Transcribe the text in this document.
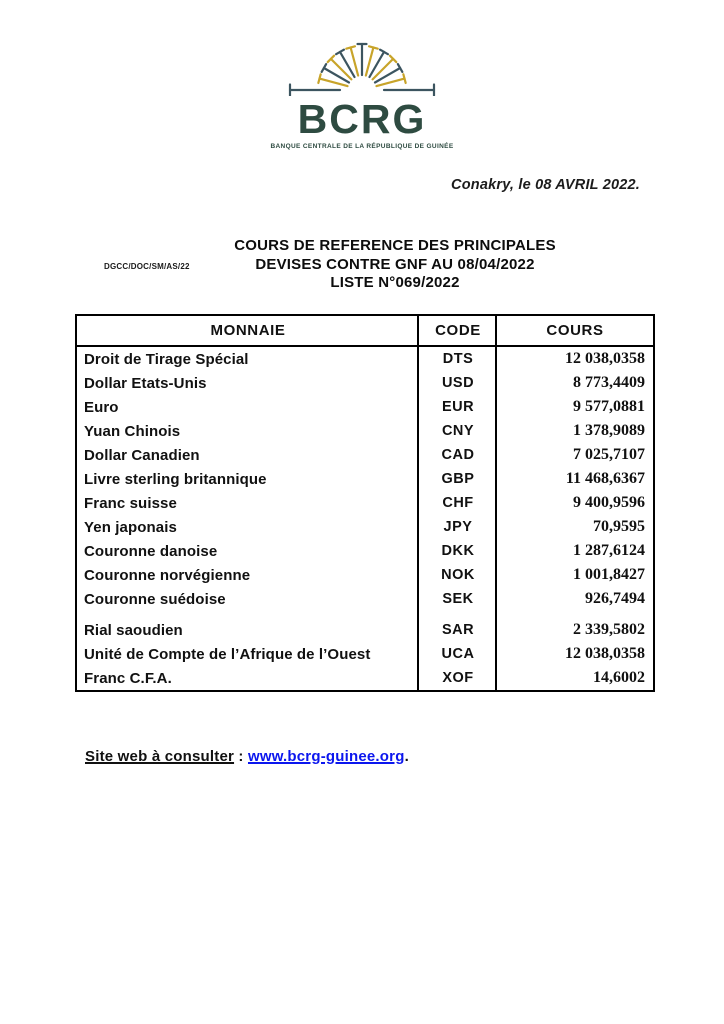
BCRG
BANQUE CENTRALE DE LA RÉPUBLIQUE DE GUINÉE
Conakry, le 08 AVRIL 2022.
DGCC/DOC/SM/AS/22
COURS DE REFERENCE DES PRINCIPALES
DEVISES CONTRE GNF AU 08/04/2022
LISTE N°069/2022
MONNAIE	CODE	COURS
Droit de Tirage Spécial	DTS	12 038,0358
Dollar Etats-Unis	USD	8 773,4409
Euro	EUR	9 577,0881
Yuan Chinois	CNY	1 378,9089
Dollar Canadien	CAD	7 025,7107
Livre sterling britannique	GBP	11 468,6367
Franc suisse	CHF	9 400,9596
Yen japonais	JPY	70,9595
Couronne danoise	DKK	1 287,6124
Couronne norvégienne	NOK	1 001,8427
Couronne suédoise	SEK	926,7494
Rial saoudien	SAR	2 339,5802
Unité de Compte de l’Afrique de l’Ouest	UCA	12 038,0358
Franc C.F.A.	XOF	14,6002
Site web à consulter : www.bcrg-guinee.org.
